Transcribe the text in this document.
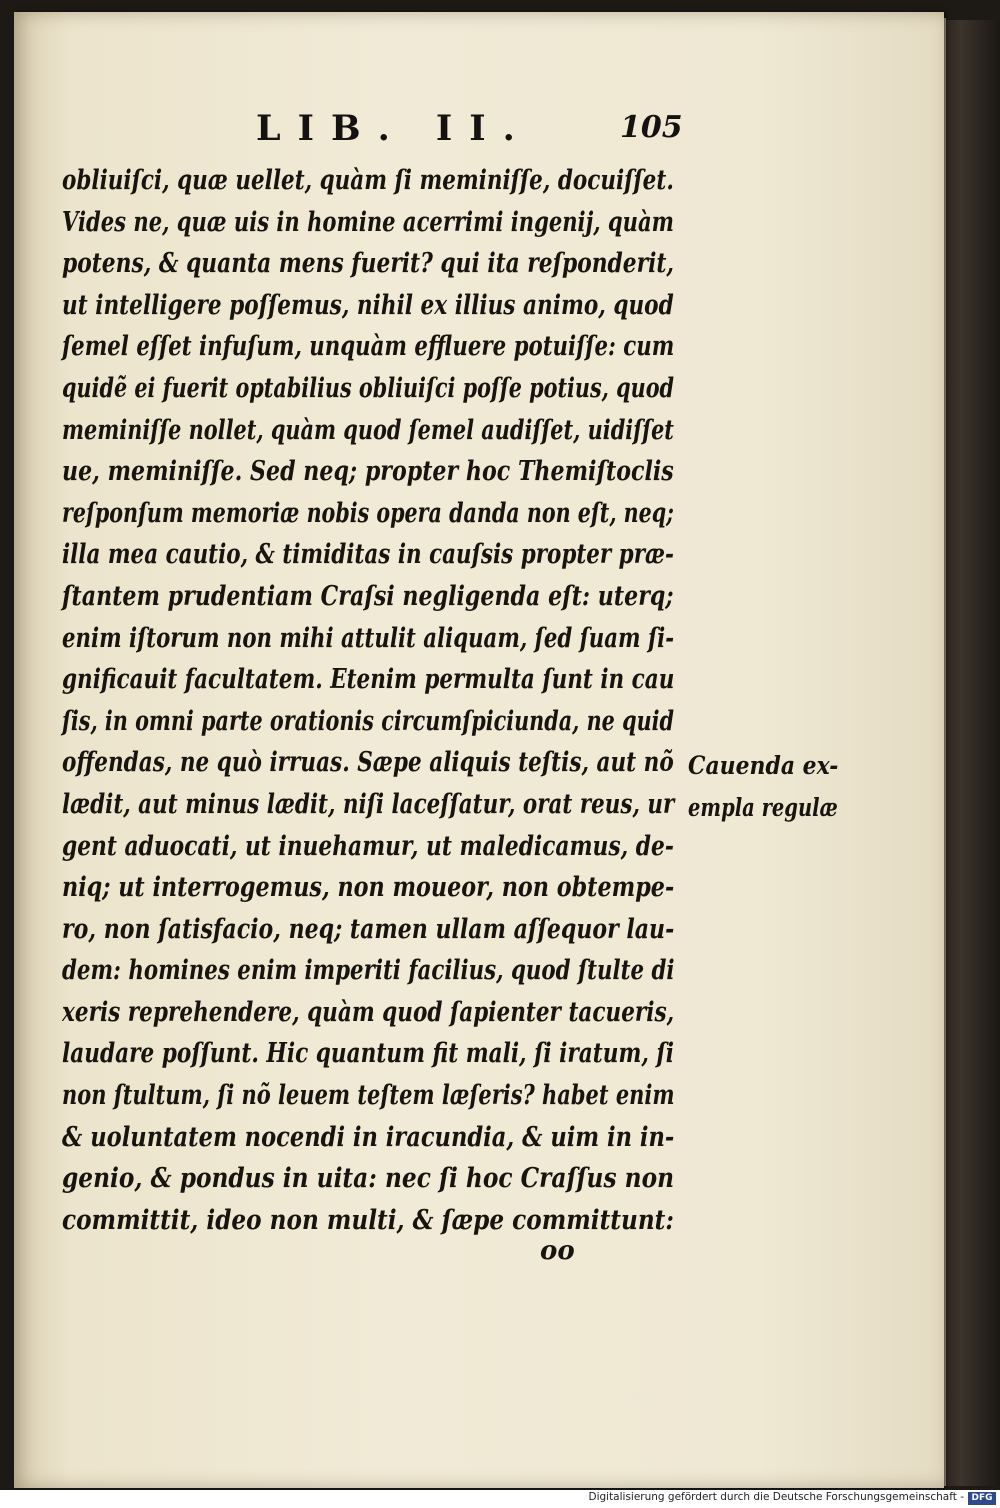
LIB. II.	105
obliuiſci, quæ uellet, quàm ſi meminiſſe, docuiſſet.
Vides ne, quæ uis in homine acerrimi ingenij, quàm
potens, & quanta mens fuerit? qui ita reſponderit,
ut intelligere poſſemus, nihil ex illius animo, quod
ſemel eſſet infuſum, unquàm effluere potuiſſe: cum
quidẽ ei fuerit optabilius obliuiſci poſſe potius, quod
meminiſſe nollet, quàm quod ſemel audiſſet, uidiſſet
ue, meminiſſe. Sed neq; propter hoc Themiſtoclis
reſponſum memoriæ nobis opera danda non eſt, neq;
illa mea cautio, & timiditas in cauſsis propter præ-
ſtantem prudentiam Craſsi negligenda eſt: uterq;
enim iſtorum non mihi attulit aliquam, ſed ſuam ſi-
gnificauit facultatem. Etenim permulta ſunt in cau
ſis, in omni parte orationis circumſpiciunda, ne quid
offendas, ne quò irruas. Sæpe aliquis teſtis, aut nõ
lædit, aut minus lædit, niſi laceſſatur, orat reus, ur
gent aduocati, ut inuehamur, ut maledicamus, de-
niq; ut interrogemus, non moueor, non obtempe-
ro, non ſatisfacio, neq; tamen ullam aſſequor lau-
dem: homines enim imperiti facilius, quod ſtulte di
xeris reprehendere, quàm quod ſapienter tacueris,
laudare poſſunt. Hic quantum fit mali, ſi iratum, ſi
non ſtultum, ſi nõ leuem teſtem læſeris? habet enim
& uoluntatem nocendi in iracundia, & uim in in-
genio, & pondus in uita: nec ſi hoc Craſſus non
committit, ideo non multi, & ſæpe committunt:
Cauenda ex-
empla regulæ
oo
Digitalisierung gefördert durch die Deutsche Forschungsgemeinschaft - DFG
